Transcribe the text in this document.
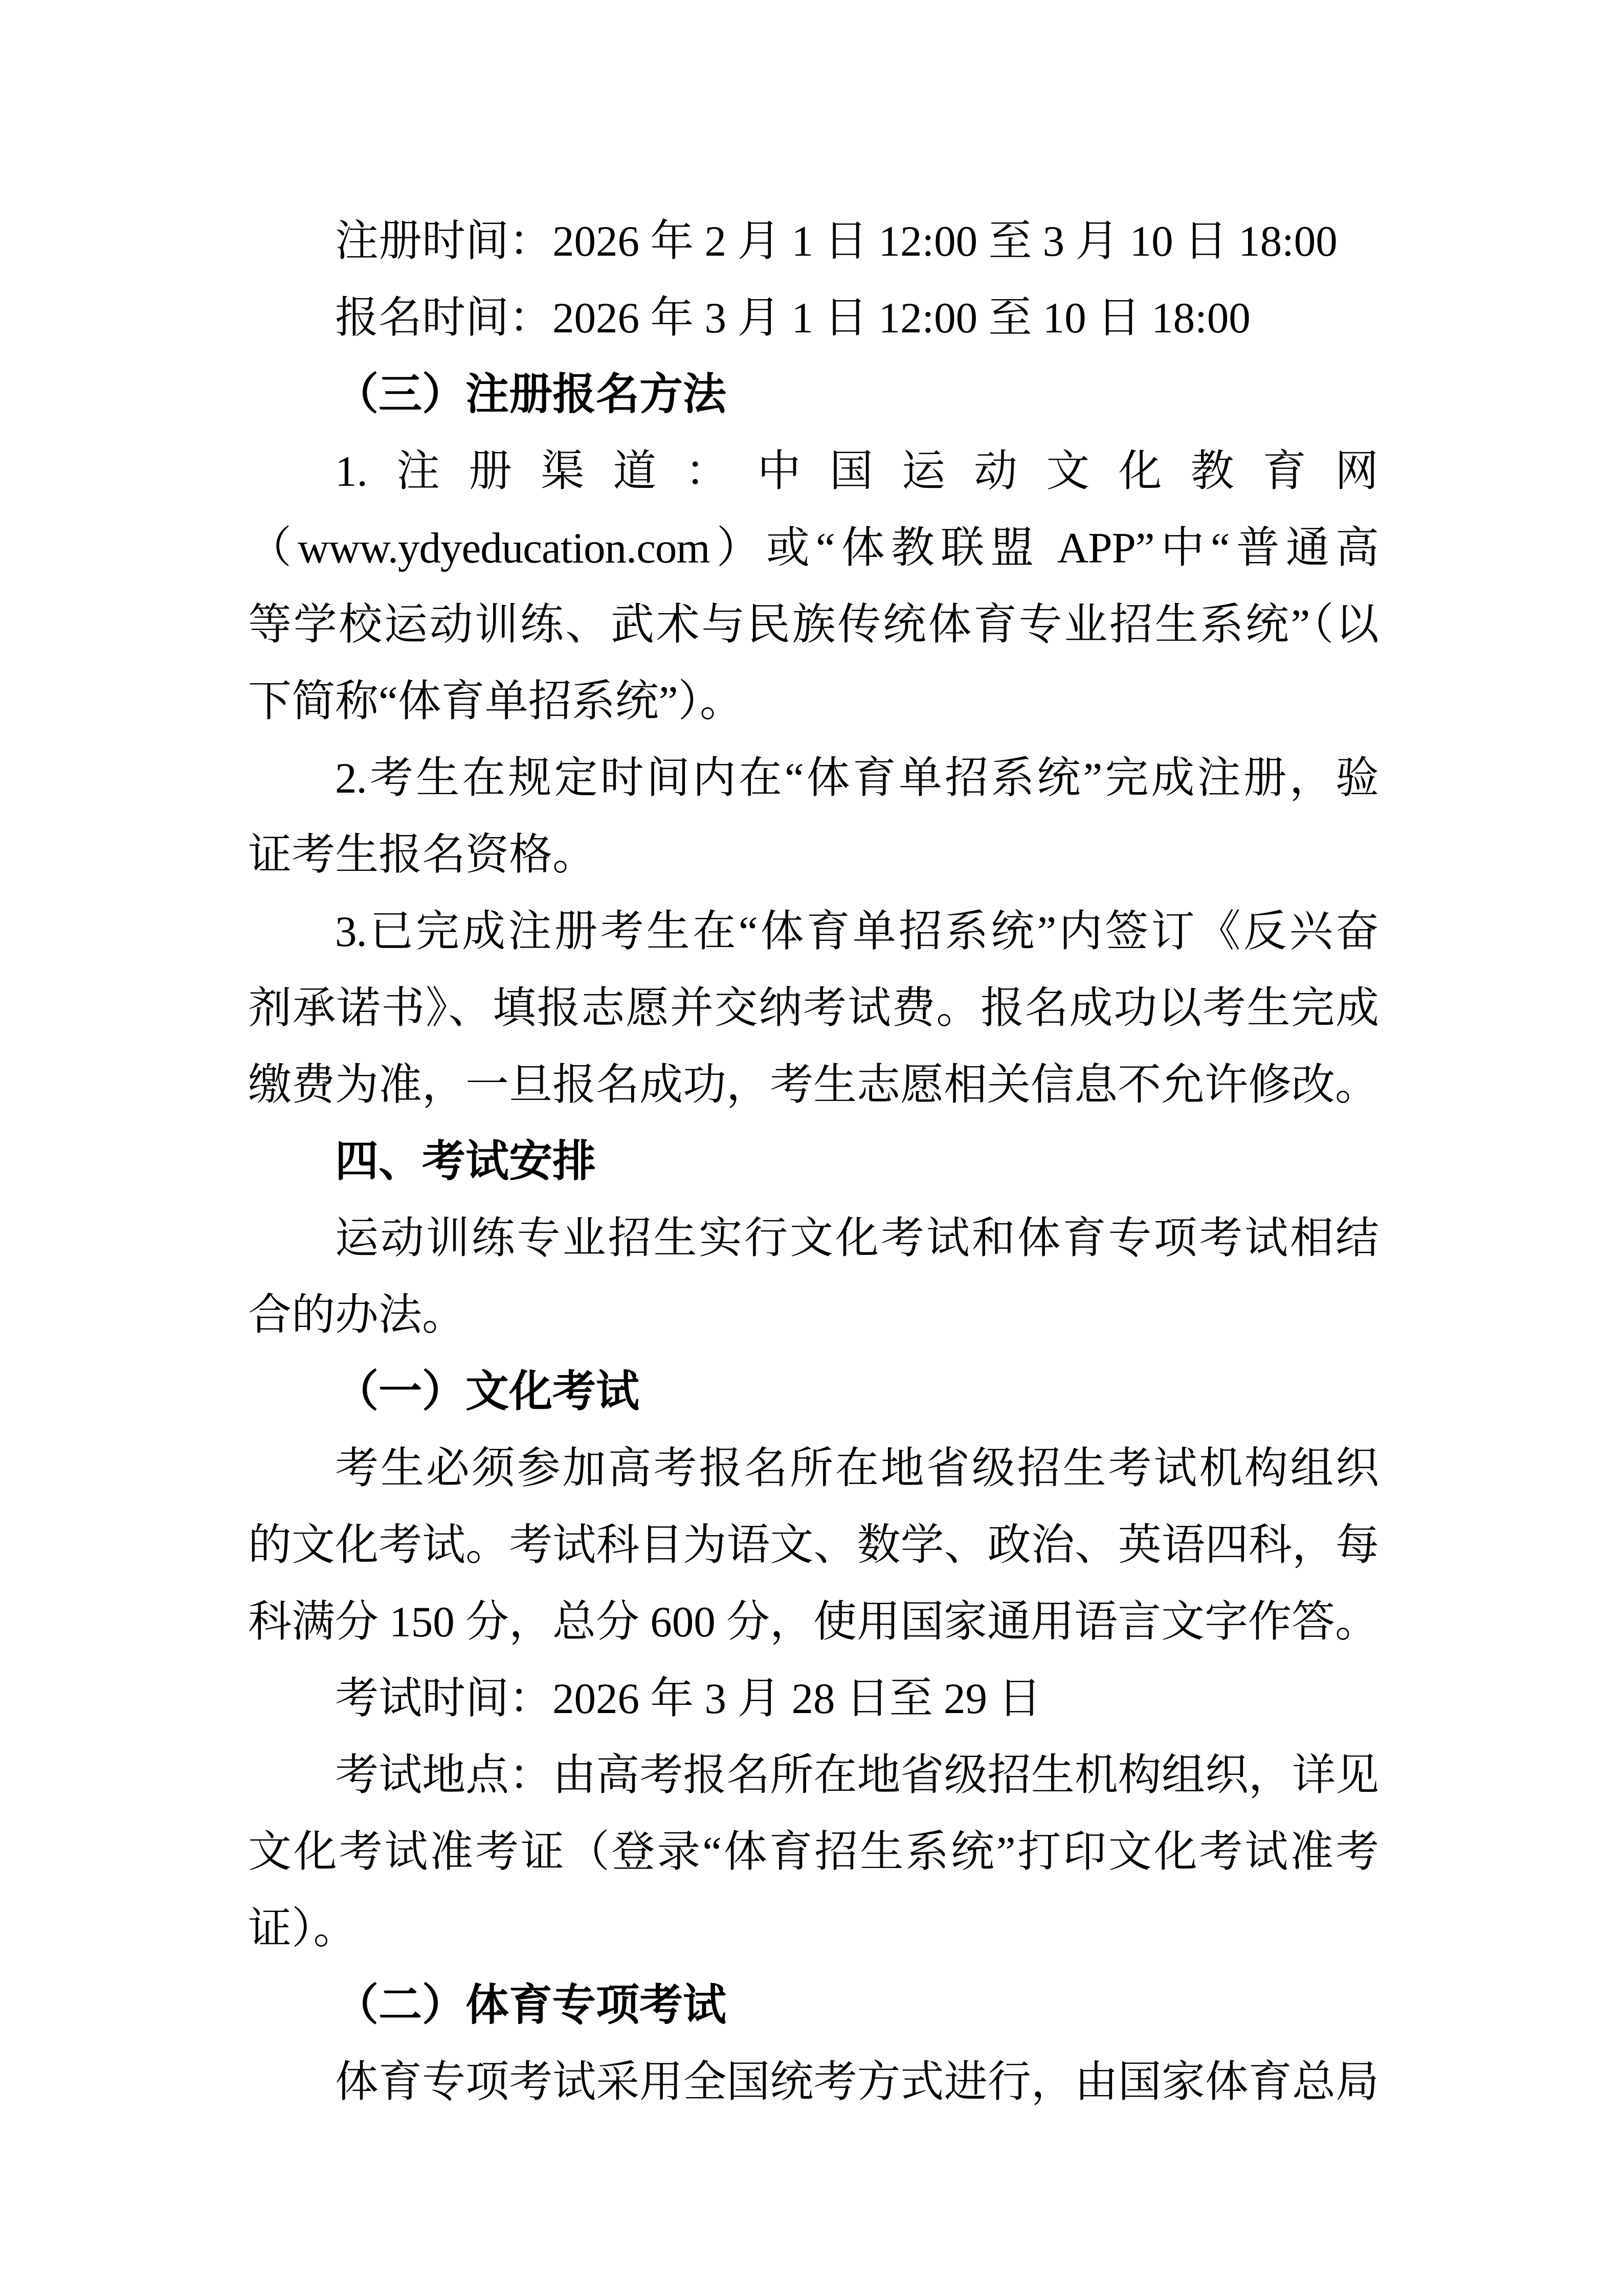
注册时间：2026 年 2 月 1 日 12:00 至 3 月 10 日 18:00
报名时间：2026 年 3 月 1 日 12:00 至 10 日 18:00
（三）注册报名方法
1.注册渠道：中国运动文化教育网
（www.ydyeducation.com）或“体教联盟 APP”中“普通高
等学校运动训练、武术与民族传统体育专业招生系统”（以
下简称“体育单招系统”）。
2.考生在规定时间内在“体育单招系统”完成注册，验
证考生报名资格。
3.已完成注册考生在“体育单招系统”内签订《反兴奋
剂承诺书》、填报志愿并交纳考试费。报名成功以考生完成
缴费为准，一旦报名成功，考生志愿相关信息不允许修改。
四、考试安排
运动训练专业招生实行文化考试和体育专项考试相结
合的办法。
（一）文化考试
考生必须参加高考报名所在地省级招生考试机构组织
的文化考试。考试科目为语文、数学、政治、英语四科，每
科满分 150 分，总分 600 分，使用国家通用语言文字作答。
考试时间：2026 年 3 月 28 日至 29 日
考试地点：由高考报名所在地省级招生机构组织，详见
文化考试准考证（登录“体育招生系统”打印文化考试准考
证）。
（二）体育专项考试
体育专项考试采用全国统考方式进行，由国家体育总局
